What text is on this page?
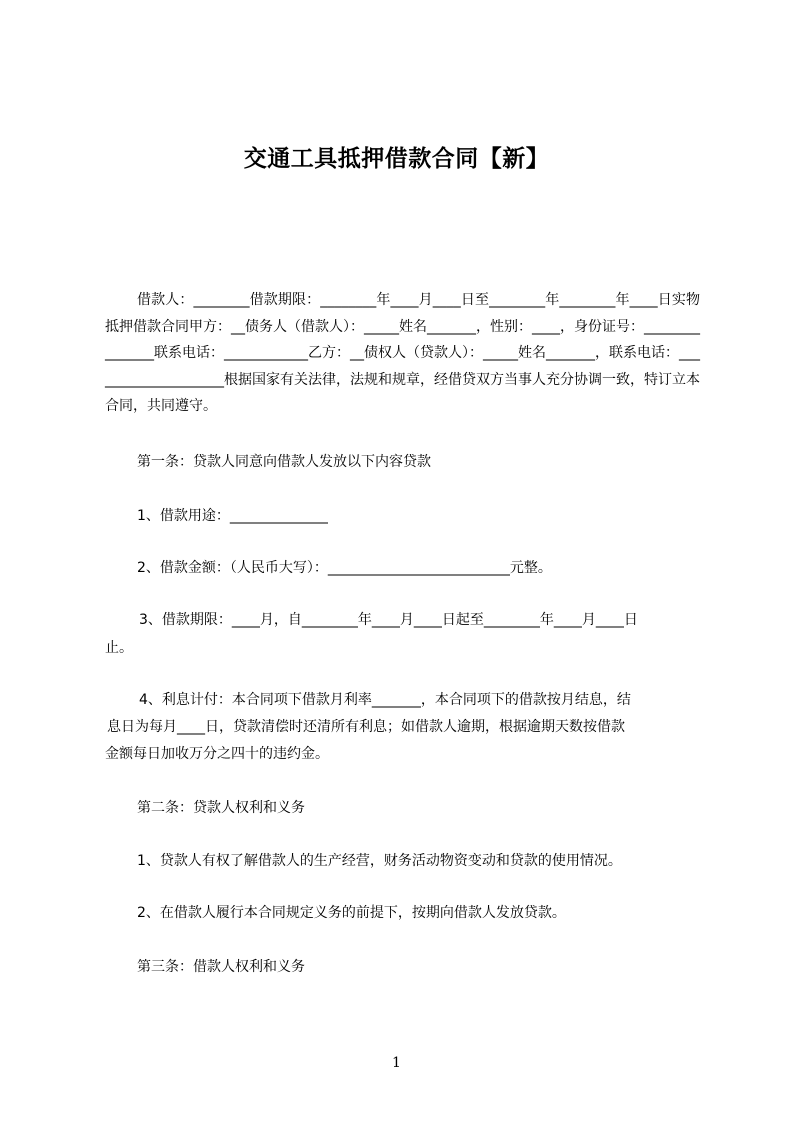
交通工具抵押借款合同【新】
借款人：________借款期限：________年____月____日至________年________年____日实物抵押借款合同甲方：__债务人（借款人）：_____姓名_______，性别：____，身份证号：_______________联系电话：____________乙方：__债权人（贷款人）：_____姓名_______，联系电话：____________________根据国家有关法律，法规和规章，经借贷双方当事人充分协调一致，特订立本合同，共同遵守。
第一条：贷款人同意向借款人发放以下内容贷款
1、借款用途：______________
2、借款金额：（人民币大写）：__________________________元整。
3、借款期限：____月，自________年____月____日起至________年____月____日
止。
4、利息计付：本合同项下借款月利率_______，本合同项下的借款按月结息，结
息日为每月____日，贷款清偿时还清所有利息；如借款人逾期，根据逾期天数按借款
金额每日加收万分之四十的违约金。
第二条：贷款人权利和义务
1、贷款人有权了解借款人的生产经营，财务活动物资变动和贷款的使用情况。
2、在借款人履行本合同规定义务的前提下，按期向借款人发放贷款。
第三条：借款人权利和义务
1
